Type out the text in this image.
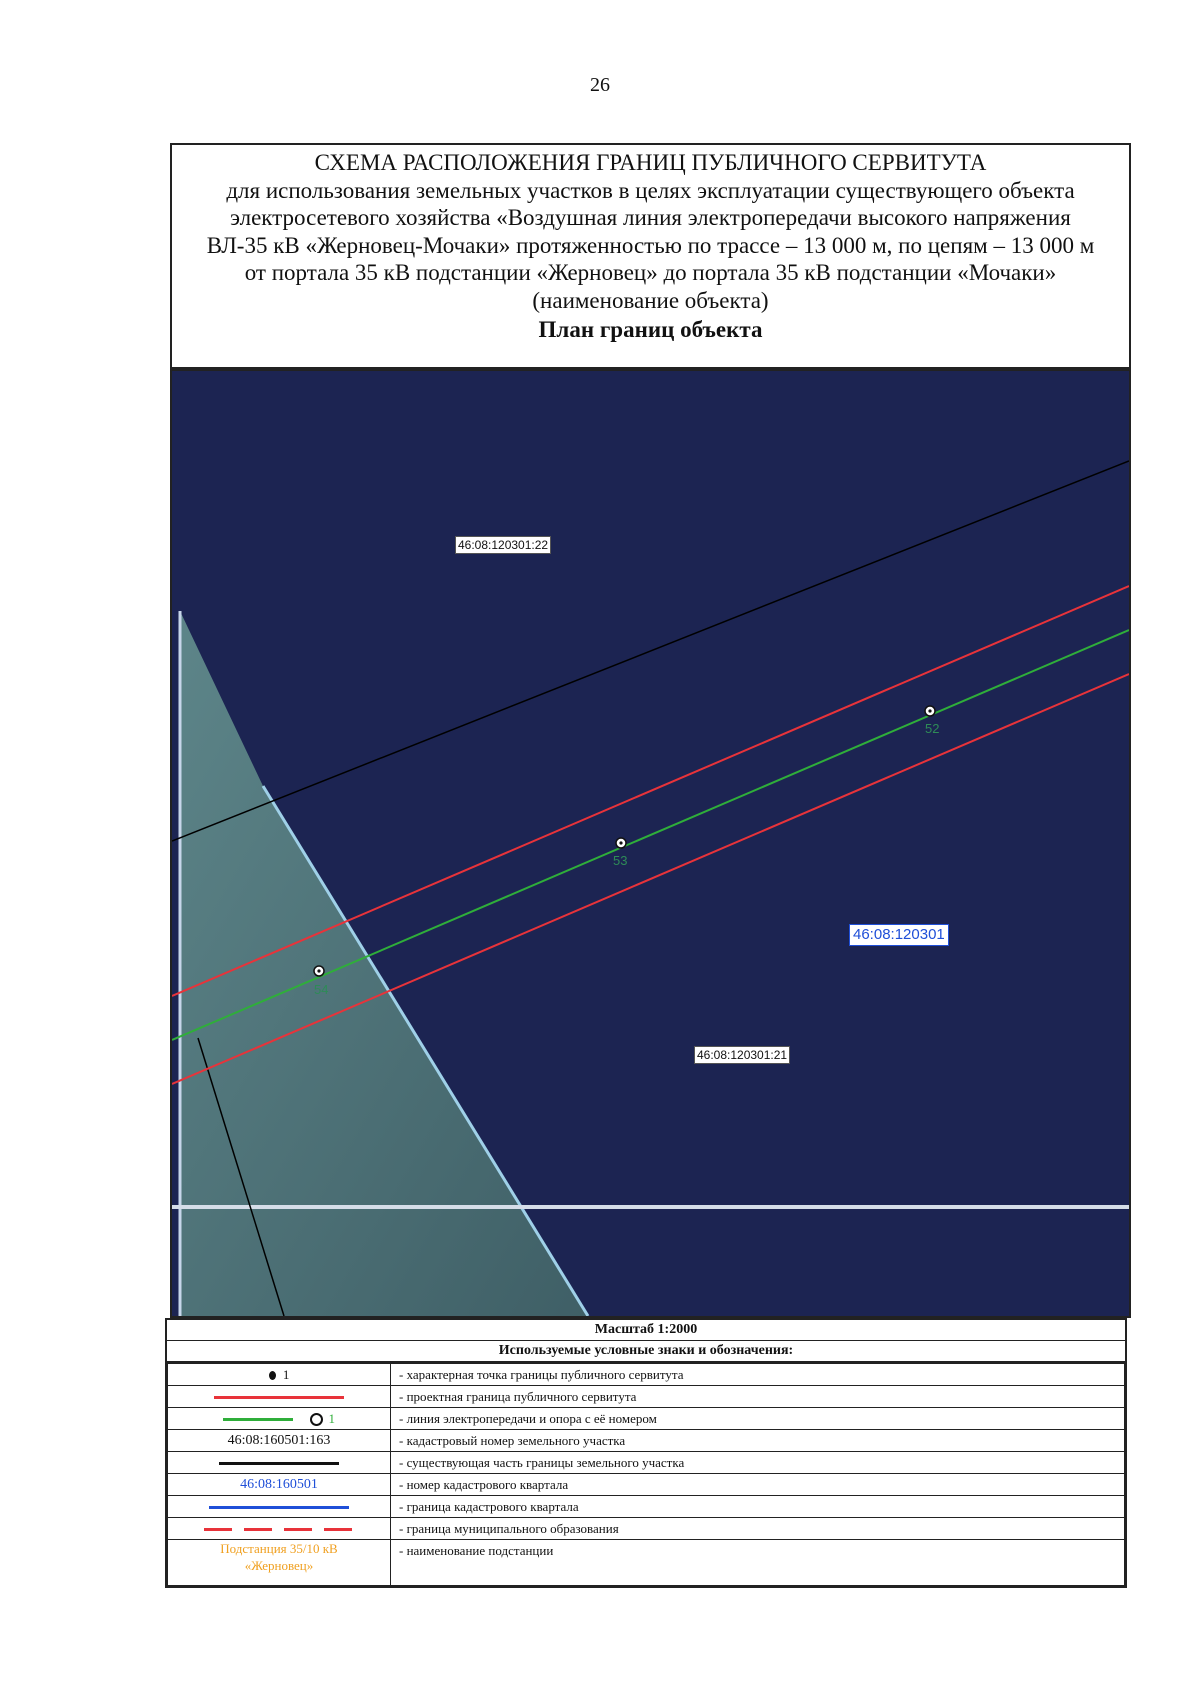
26
СХЕМА РАСПОЛОЖЕНИЯ ГРАНИЦ ПУБЛИЧНОГО СЕРВИТУТА
для использования земельных участков в целях эксплуатации существующего объекта
электросетевого хозяйства «Воздушная линия электропередачи высокого напряжения
ВЛ-35 кВ «Жерновец-Мочаки» протяженностью по трассе – 13 000 м, по цепям – 13 000 м
от портала 35 кВ подстанции «Жерновец» до портала 35 кВ подстанции «Мочаки»
(наименование объекта)
План границ объекта
52
53
54
46:08:120301:22
46:08:120301:21
46:08:120301
Масштаб 1:2000
Используемые условные знаки и обозначения:
1	- характерная точка границы публичного сервитута
	- проектная граница публичного сервитута
1	- линия электропередачи и опора с её номером
46:08:160501:163	- кадастровый номер земельного участка
	- существующая часть границы земельного участка
46:08:160501	- номер кадастрового квартала
	- граница кадастрового квартала
	- граница муниципального образования
Подстанция 35/10 кВ «Жерновец»	- наименование подстанции
